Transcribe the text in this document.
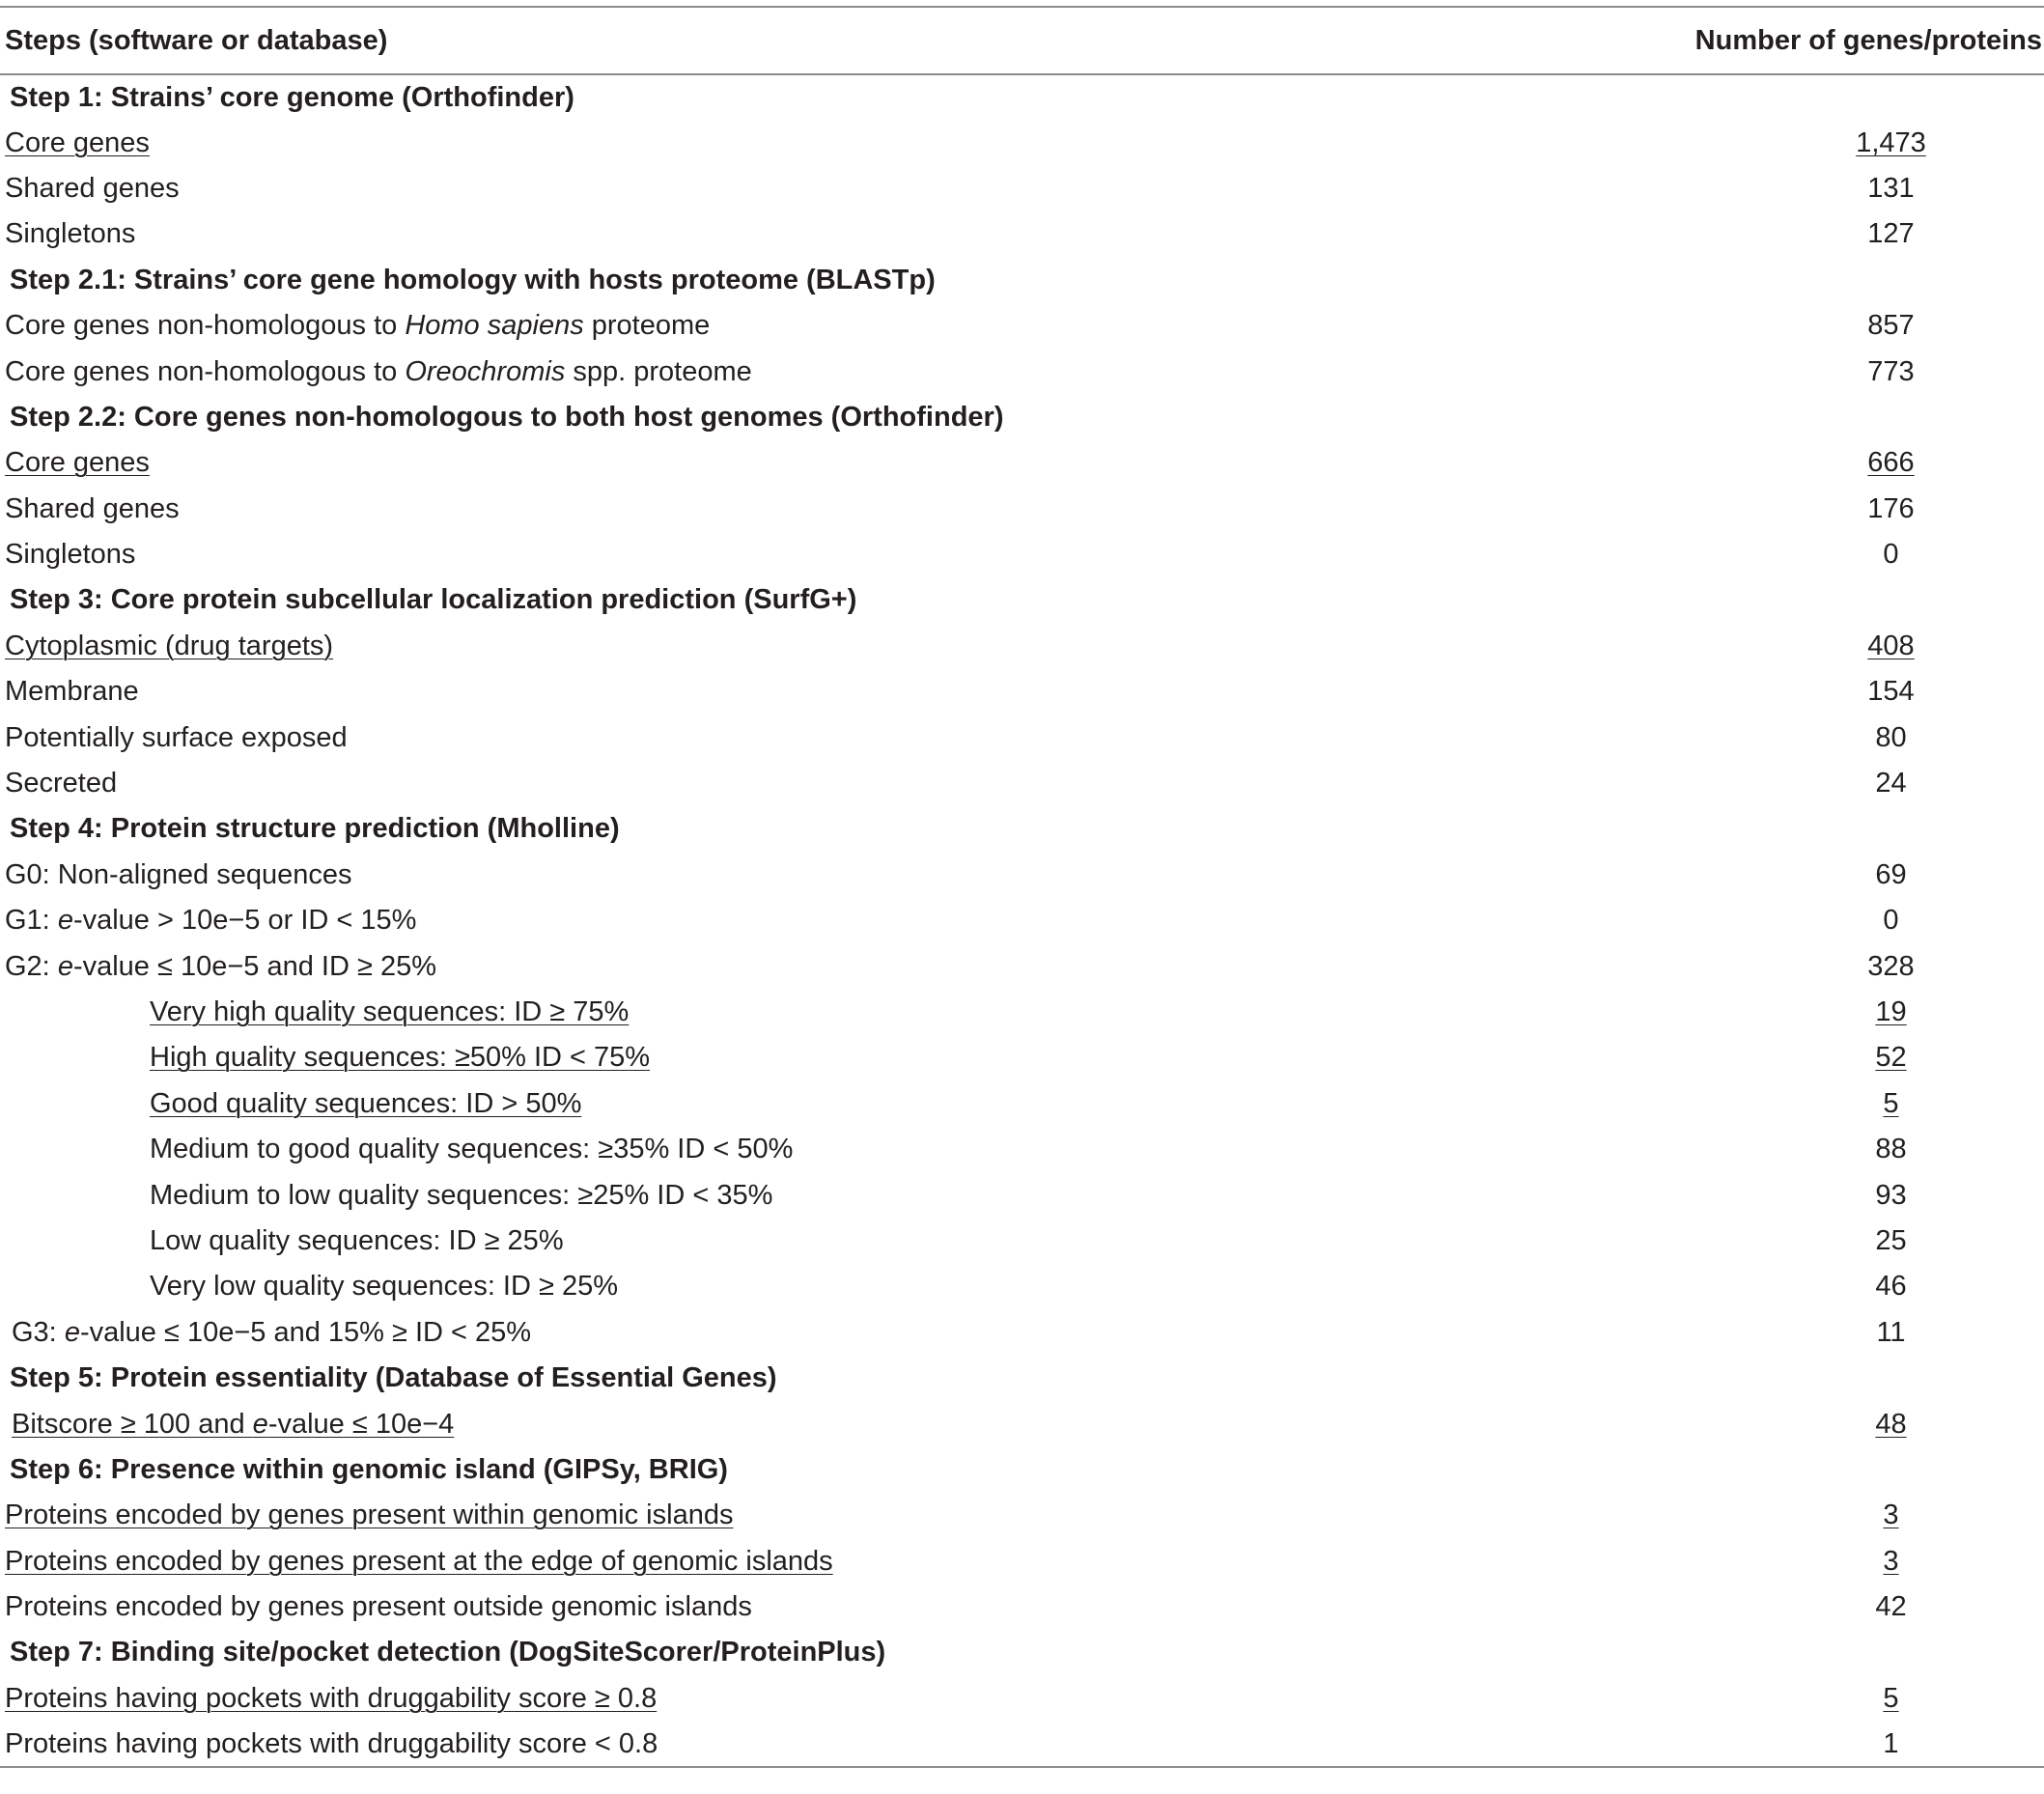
Steps (software or database)	Number of genes/proteins
Step 1: Strains’ core genome (Orthofinder)	
Core genes	1,473
Shared genes	131
Singletons	127
Step 2.1: Strains’ core gene homology with hosts proteome (BLASTp)	
Core genes non-homologous to Homo sapiens proteome	857
Core genes non-homologous to Oreochromis spp. proteome	773
Step 2.2: Core genes non-homologous to both host genomes (Orthofinder)	
Core genes	666
Shared genes	176
Singletons	0
Step 3: Core protein subcellular localization prediction (SurfG+)	
Cytoplasmic (drug targets)	408
Membrane	154
Potentially surface exposed	80
Secreted	24
Step 4: Protein structure prediction (Mholline)	
G0: Non-aligned sequences	69
G1: e-value > 10e−5 or ID < 15%	0
G2: e-value ≤ 10e−5 and ID ≥ 25%	328
Very high quality sequences: ID ≥ 75%	19
High quality sequences: ≥50% ID < 75%	52
Good quality sequences: ID > 50%	5
Medium to good quality sequences: ≥35% ID < 50%	88
Medium to low quality sequences: ≥25% ID < 35%	93
Low quality sequences: ID ≥ 25%	25
Very low quality sequences: ID ≥ 25%	46
G3: e-value ≤ 10e−5 and 15% ≥ ID < 25%	11
Step 5: Protein essentiality (Database of Essential Genes)	
Bitscore ≥ 100 and e-value ≤ 10e−4	48
Step 6: Presence within genomic island (GIPSy, BRIG)	
Proteins encoded by genes present within genomic islands	3
Proteins encoded by genes present at the edge of genomic islands	3
Proteins encoded by genes present outside genomic islands	42
Step 7: Binding site/pocket detection (DogSiteScorer/ProteinPlus)	
Proteins having pockets with druggability score ≥ 0.8	5
Proteins having pockets with druggability score < 0.8	1
